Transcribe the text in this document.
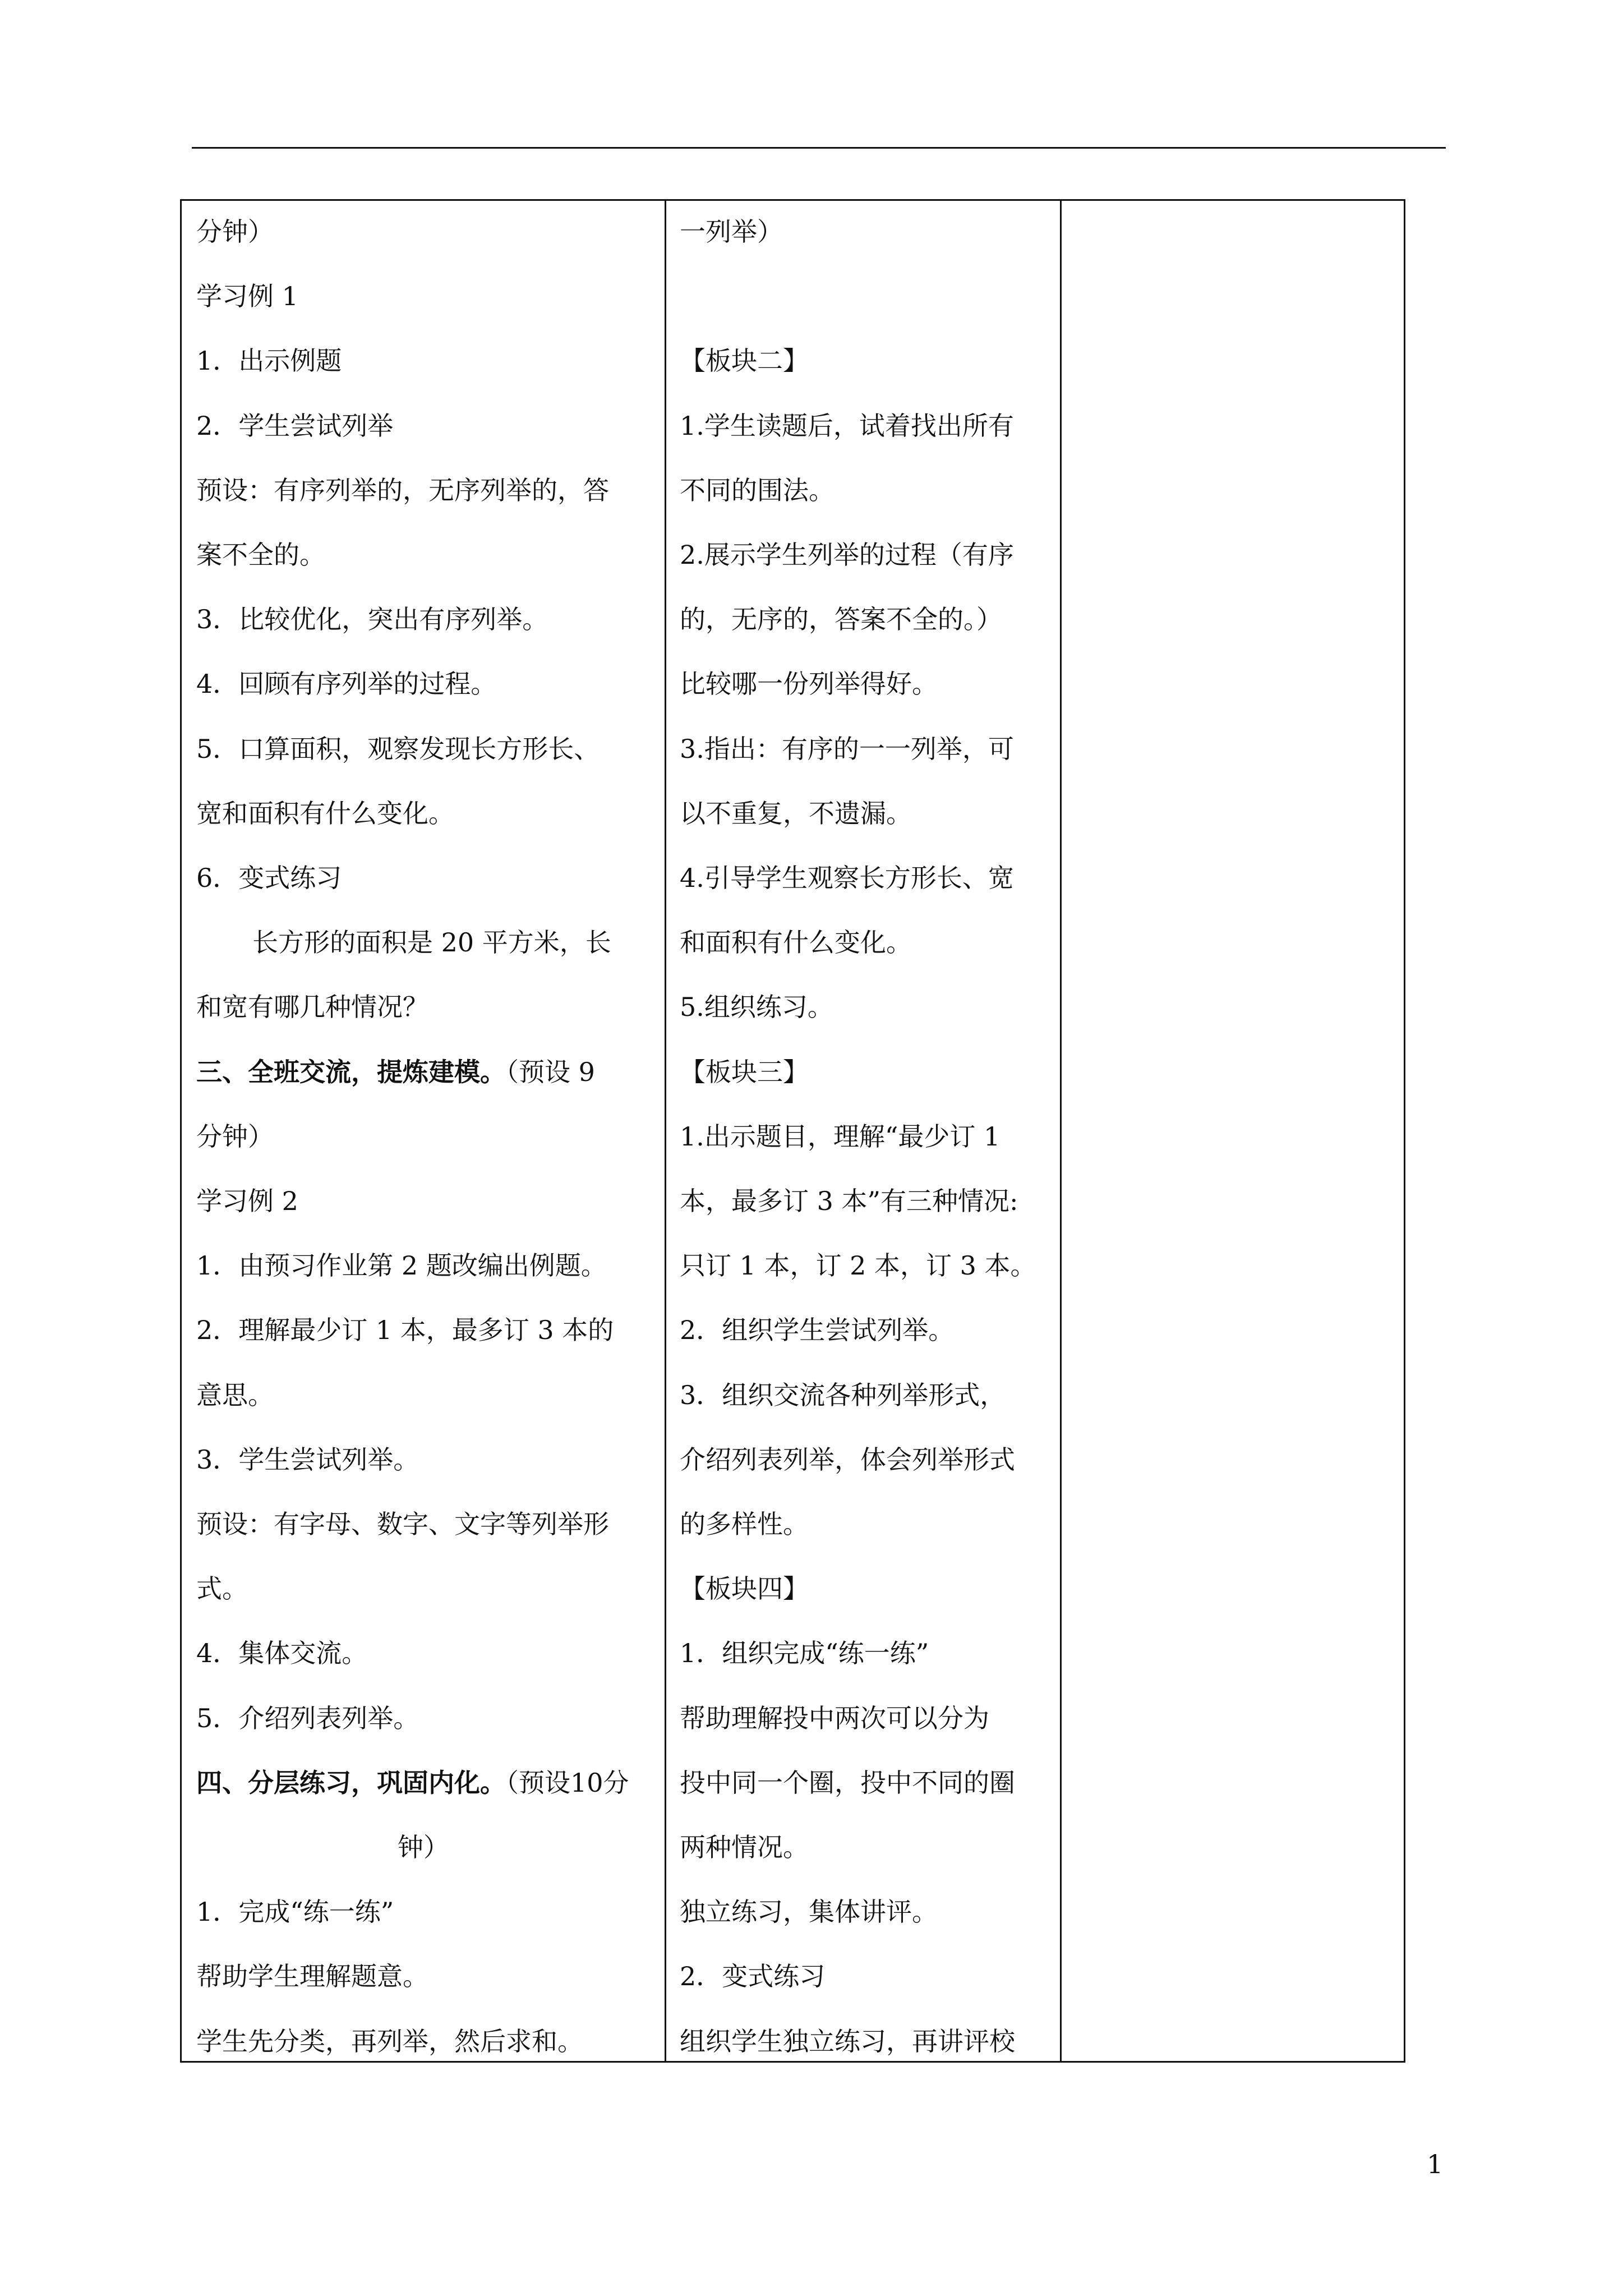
分钟）
学习例 1
1．出示例题
2．学生尝试列举
预设：有序列举的，无序列举的，答
案不全的。
3．比较优化，突出有序列举。
4．回顾有序列举的过程。
5．口算面积，观察发现长方形长、
宽和面积有什么变化。
6．变式练习
长方形的面积是 20 平方米，长
和宽有哪几种情况？
三、全班交流，提炼建模。（预设 9
分钟）
学习例 2
1．由预习作业第 2 题改编出例题。
2．理解最少订 1 本，最多订 3 本的
意思。
3．学生尝试列举。
预设：有字母、数字、文字等列举形
式。
4．集体交流。
5．介绍列表列举。
四、分层练习，巩固内化。（预设10分
钟）
1．完成“练一练”
帮助学生理解题意。
学生先分类，再列举，然后求和。
一列举）
【板块二】
1.学生读题后，试着找出所有
不同的围法。
2.展示学生列举的过程（有序
的，无序的，答案不全的。）
比较哪一份列举得好。
3.指出：有序的一一列举，可
以不重复，不遗漏。
4.引导学生观察长方形长、宽
和面积有什么变化。
5.组织练习。
【板块三】
1.出示题目，理解“最少订 1
本，最多订 3 本”有三种情况:
只订 1 本，订 2 本，订 3 本。
2．组织学生尝试列举。
3．组织交流各种列举形式，
介绍列表列举，体会列举形式
的多样性。
【板块四】
1．组织完成“练一练”
帮助理解投中两次可以分为
投中同一个圈，投中不同的圈
两种情况。
独立练习，集体讲评。
2．变式练习
组织学生独立练习，再讲评校
1
